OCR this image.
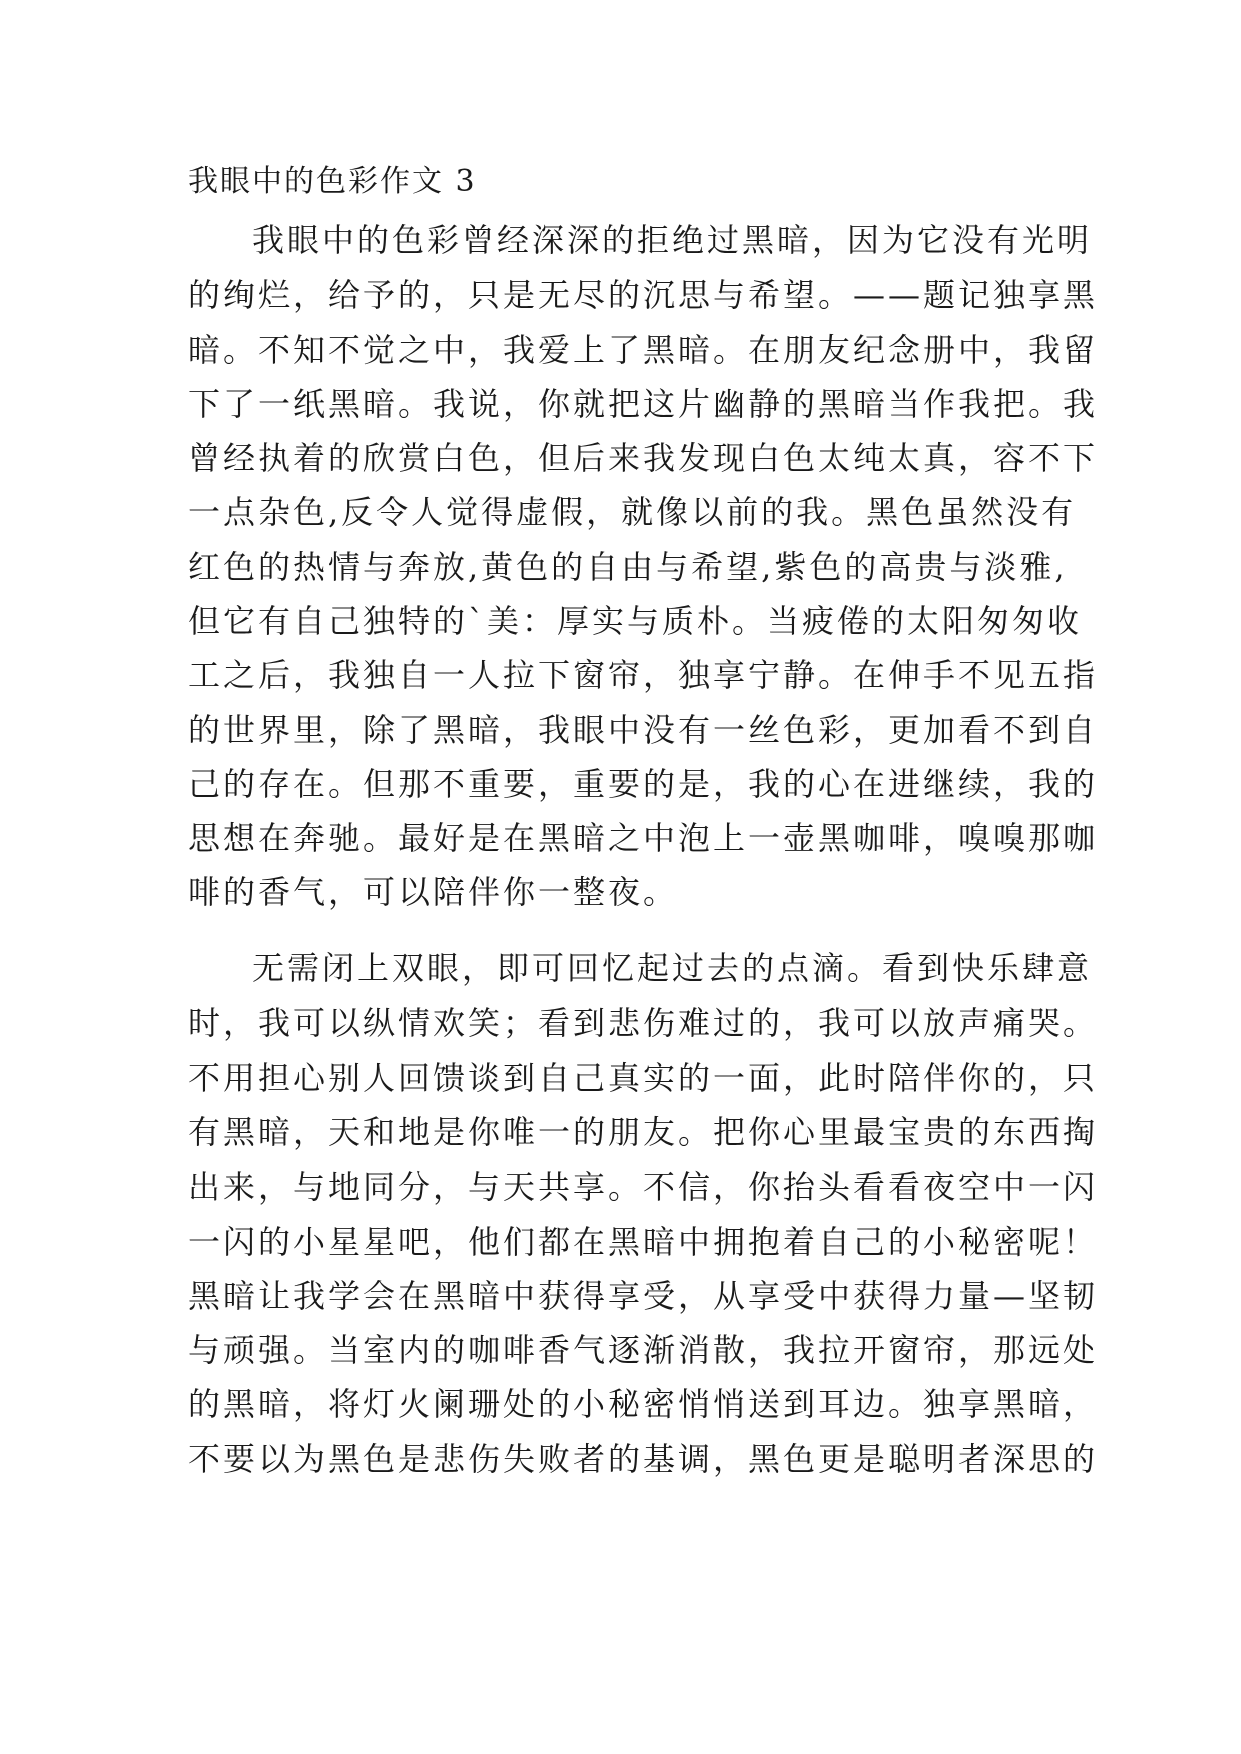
我眼中的色彩作文 3
我眼中的色彩曾经深深的拒绝过黑暗，因为它没有光明
的绚烂，给予的，只是无尽的沉思与希望。——题记独享黑
暗。不知不觉之中，我爱上了黑暗。在朋友纪念册中，我留
下了一纸黑暗。我说，你就把这片幽静的黑暗当作我把。我
曾经执着的欣赏白色，但后来我发现白色太纯太真，容不下
一点杂色,反令人觉得虚假，就像以前的我。黑色虽然没有
红色的热情与奔放,黄色的自由与希望,紫色的高贵与淡雅,
但它有自己独特的`美：厚实与质朴。当疲倦的太阳匆匆收
工之后，我独自一人拉下窗帘，独享宁静。在伸手不见五指
的世界里，除了黑暗，我眼中没有一丝色彩，更加看不到自
己的存在。但那不重要，重要的是，我的心在进继续，我的
思想在奔驰。最好是在黑暗之中泡上一壶黑咖啡，嗅嗅那咖
啡的香气，可以陪伴你一整夜。
无需闭上双眼，即可回忆起过去的点滴。看到快乐肆意
时，我可以纵情欢笑；看到悲伤难过的，我可以放声痛哭。
不用担心别人回馈谈到自己真实的一面，此时陪伴你的，只
有黑暗，天和地是你唯一的朋友。把你心里最宝贵的东西掏
出来，与地同分，与天共享。不信，你抬头看看夜空中一闪
一闪的小星星吧，他们都在黑暗中拥抱着自己的小秘密呢！
黑暗让我学会在黑暗中获得享受，从享受中获得力量—坚韧
与顽强。当室内的咖啡香气逐渐消散，我拉开窗帘，那远处
的黑暗，将灯火阑珊处的小秘密悄悄送到耳边。独享黑暗，
不要以为黑色是悲伤失败者的基调，黑色更是聪明者深思的
